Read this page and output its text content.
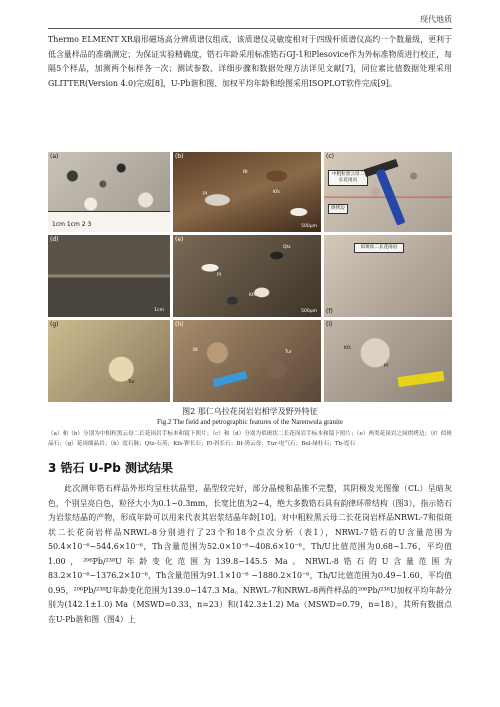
现代地质

Thermo ELMENT XR扇形磁场高分辨质谱仪组成，该质谱仪灵敏度相对于四级杆质谱仪高约一个数量级，更利于低含量样品的准确测定；为保证实验精确度，锆石年龄采用标准锆石GJ-1和Plesovice作为外标准物质进行校正，每隔5个样品，加测两个标样各一次；测试参数、详细步骤和数据处理方法详见文献[7]，同位素比值数据处理采用GLITTER(Version 4.0)完成[8]，U-Pb谐和图、加权平均年龄和绘图采用ISOPLOT软件完成[9]。

(a)
1cm 1cm 2 3
(b)
Pl
Bt
Kfs
Pl
500μm
(c)
中粗粒黑云母二长花岗岩
烘烤边
(d)
1cm
(e)
Qtz
Pl
Kfs
500μm
似斑状二长花岗岩
(f)
(g)
Tur
(h)
Bt	Tur
(i)
Kfs
Pl
图2 那仁乌拉花岗岩岩相学及野外特征
Fig.2 The field and petrographic features of the Narenwula granite
（a）和（b）分别为中粗粒黑云母二长花岗岩手标本和镜下照片；（c）和（d）分别为似斑状二长花岗岩手标本和镜下照片；（e）两类花岗岩之间烘烤边；（f）似斑晶石；（g）花岗细晶岩；（h）霓石脉；Qtz-石英；Kfs-钾长石；Pl-斜长石；Bt-黑云母；Tur-电气石；Bel-绿柱石；Tb-霓石
3 锆石 U-Pb 测试结果

此次测年锆石样品外形均呈柱状晶型，晶型较完好，部分晶棱和晶锥不完整，其阴极发光图像（CL）呈暗灰色，个别呈亮白色，粒径大小为0.1~0.3mm，长宽比值为2~4，绝大多数锆石具有韵律环带结构（图3），指示锆石为岩浆结晶的产物，形成年龄可以用来代表其岩浆结晶年龄[10]。对中粗粒黑云母二长花岗岩样品NRWL-7和似斑状二长花岗岩样品NRWL-8分别进行了23个和18个点次分析（表1），NRWL-7锆石的U含量范围为50.4×10⁻⁶~544.6×10⁻⁶，Th含量范围为52.0×10⁻⁶~408.6×10⁻⁶，Th/U比值范围为0.68~1.76，平均值1.00，²⁰⁶Pb/²³⁸U年龄变化范围为139.8~145.5 Ma。NRWL-8锆石的U含量范围为83.2×10⁻⁶~1376.2×10⁻⁶，Th含量范围为91.1×10⁻⁶ ~1880.2×10⁻⁶，Th/U比值范围为0.49~1.60，平均值0.95，²⁰⁶Pb/²³⁸U年龄变化范围为139.0~147.3 Ma。NRWL-7和NRWL-8两件样品的²⁰⁶Pb/²³⁸U加权平均年龄分别为(142.1±1.0) Ma（MSWD=0.33，n=23）和(142.3±1.2) Ma（MSWD=0.79，n=18），其所有数据点在U-Pb谐和图（图4）上
